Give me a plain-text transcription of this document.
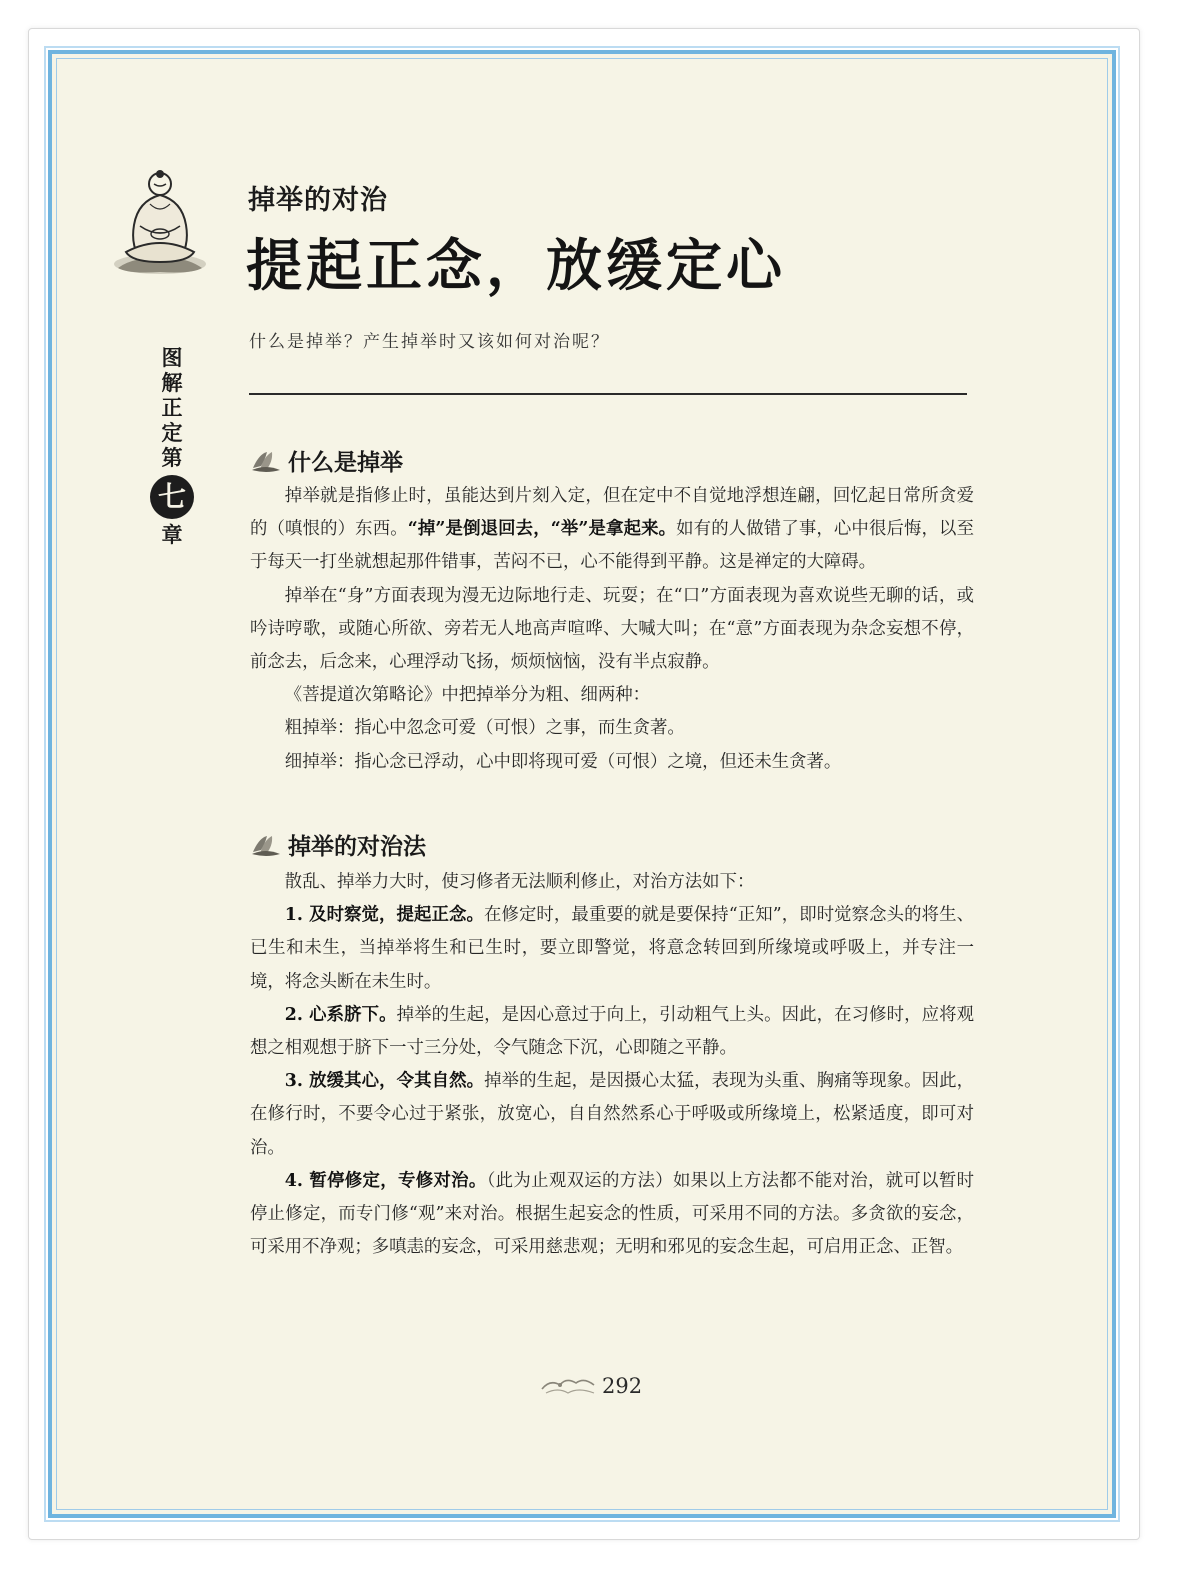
图
解
正
定
第
七
章
掉举的对治
提起正念，放缓定心
什么是掉举？产生掉举时又该如何对治呢？
什么是掉举

掉举就是指修止时，虽能达到片刻入定，但在定中不自觉地浮想连翩，回忆起日常所贪爱的（嗔恨的）东西。“掉”是倒退回去，“举”是拿起来。如有的人做错了事，心中很后悔，以至于每天一打坐就想起那件错事，苦闷不已，心不能得到平静。这是禅定的大障碍。

掉举在“身”方面表现为漫无边际地行走、玩耍；在“口”方面表现为喜欢说些无聊的话，或吟诗哼歌，或随心所欲、旁若无人地高声喧哗、大喊大叫；在“意”方面表现为杂念妄想不停，前念去，后念来，心理浮动飞扬，烦烦恼恼，没有半点寂静。

《菩提道次第略论》中把掉举分为粗、细两种：

粗掉举：指心中忽念可爱（可恨）之事，而生贪著。

细掉举：指心念已浮动，心中即将现可爱（可恨）之境，但还未生贪著。

掉举的对治法

散乱、掉举力大时，使习修者无法顺利修止，对治方法如下：

1. 及时察觉，提起正念。在修定时，最重要的就是要保持“正知”，即时觉察念头的将生、已生和未生，当掉举将生和已生时，要立即警觉，将意念转回到所缘境或呼吸上，并专注一境，将念头断在未生时。

2. 心系脐下。掉举的生起，是因心意过于向上，引动粗气上头。因此，在习修时，应将观想之相观想于脐下一寸三分处，令气随念下沉，心即随之平静。

3. 放缓其心，令其自然。掉举的生起，是因摄心太猛，表现为头重、胸痛等现象。因此，在修行时，不要令心过于紧张，放宽心，自自然然系心于呼吸或所缘境上，松紧适度，即可对治。

4. 暂停修定，专修对治。（此为止观双运的方法）如果以上方法都不能对治，就可以暂时停止修定，而专门修“观”来对治。根据生起妄念的性质，可采用不同的方法。多贪欲的妄念，可采用不净观；多嗔恚的妄念，可采用慈悲观；无明和邪见的妄念生起，可启用正念、正智。

292
